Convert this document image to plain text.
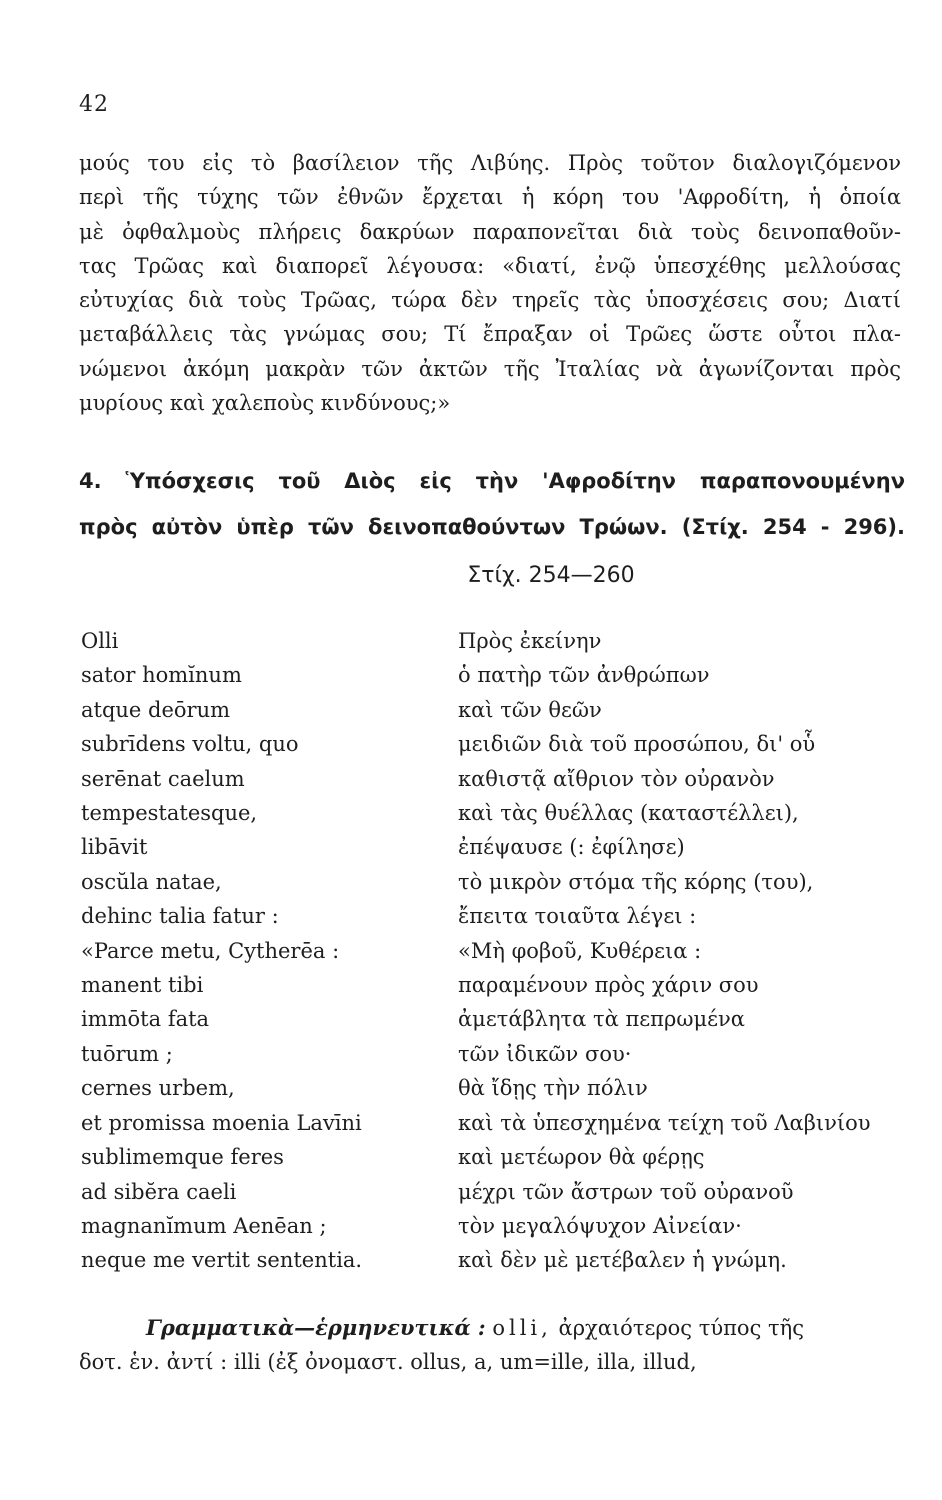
42
μούς του εἰς τὸ βασίλειον τῆς Λιβύης. Πρὸς τοῦτον διαλογιζόμενον
περὶ τῆς τύχης τῶν ἐθνῶν ἔρχεται ἡ κόρη του 'Αφροδίτη, ἡ ὁποία
μὲ ὀφθαλμοὺς πλήρεις δακρύων παραπονεῖται διὰ τοὺς δεινοπαθοῦν-
τας Τρῶας καὶ διαπορεῖ λέγουσα: «διατί, ἐνῷ ὑπεσχέθης μελλούσας
εὐτυχίας διὰ τοὺς Τρῶας, τώρα δὲν τηρεῖς τὰς ὑποσχέσεις σου; Διατί
μεταβάλλεις τὰς γνώμας σου; Τί ἔπραξαν οἱ Τρῶες ὥστε οὗτοι πλα-
νώμενοι ἀκόμη μακρὰν τῶν ἀκτῶν τῆς Ἰταλίας νὰ ἀγωνίζονται πρὸς
μυρίους καὶ χαλεποὺς κινδύνους;»
4. Ὑπόσχεσις τοῦ Διὸς εἰς τὴν 'Αφροδίτην παραπονουμένην
πρὸς αὐτὸν ὑπὲρ τῶν δεινοπαθούντων Τρώων. (Στίχ. 254 - 296).
Στίχ. 254—260
Olli
sator homĭnum
atque deōrum
subrīdens voltu, quo
serēnat caelum
tempestatesque,
libāvit
oscŭla natae,
dehinc talia fatur :
«Parce metu, Cytherēa :
manent tibi
immōta fata
tuōrum ;
cernes urbem,
et promissa moenia Lavīni
sublimemque feres
ad sibĕra caeli
magnanĭmum Aenēan ;
neque me vertit sententia.
Πρὸς ἐκείνην
ὁ πατὴρ τῶν ἀνθρώπων
καὶ τῶν θεῶν
μειδιῶν διὰ τοῦ προσώπου, δι' οὗ
καθιστᾷ αἴθριον τὸν οὐρανὸν
καὶ τὰς θυέλλας (καταστέλλει),
ἐπέψαυσε (: ἐφίλησε)
τὸ μικρὸν στόμα τῆς κόρης (του),
ἔπειτα τοιαῦτα λέγει :
«Μὴ φοβοῦ, Κυθέρεια :
παραμένουν πρὸς χάριν σου
ἀμετάβλητα τὰ πεπρωμένα
τῶν ἰδικῶν σου·
θὰ ἴδῃς τὴν πόλιν
καὶ τὰ ὑπεσχημένα τείχη τοῦ Λαβινίου
καὶ μετέωρον θὰ φέρῃς
μέχρι τῶν ἄστρων τοῦ οὐρανοῦ
τὸν μεγαλόψυχον Αἰνείαν·
καὶ δὲν μὲ μετέβαλεν ἡ γνώμη.
Γραμματικὰ—ἑρμηνευτικά : olli, ἀρχαιότερος τύπος τῆς
δοτ. ἑν. ἀντί : illi (ἐξ ὀνομαστ. ollus, a, um=ille, illa, illud,
